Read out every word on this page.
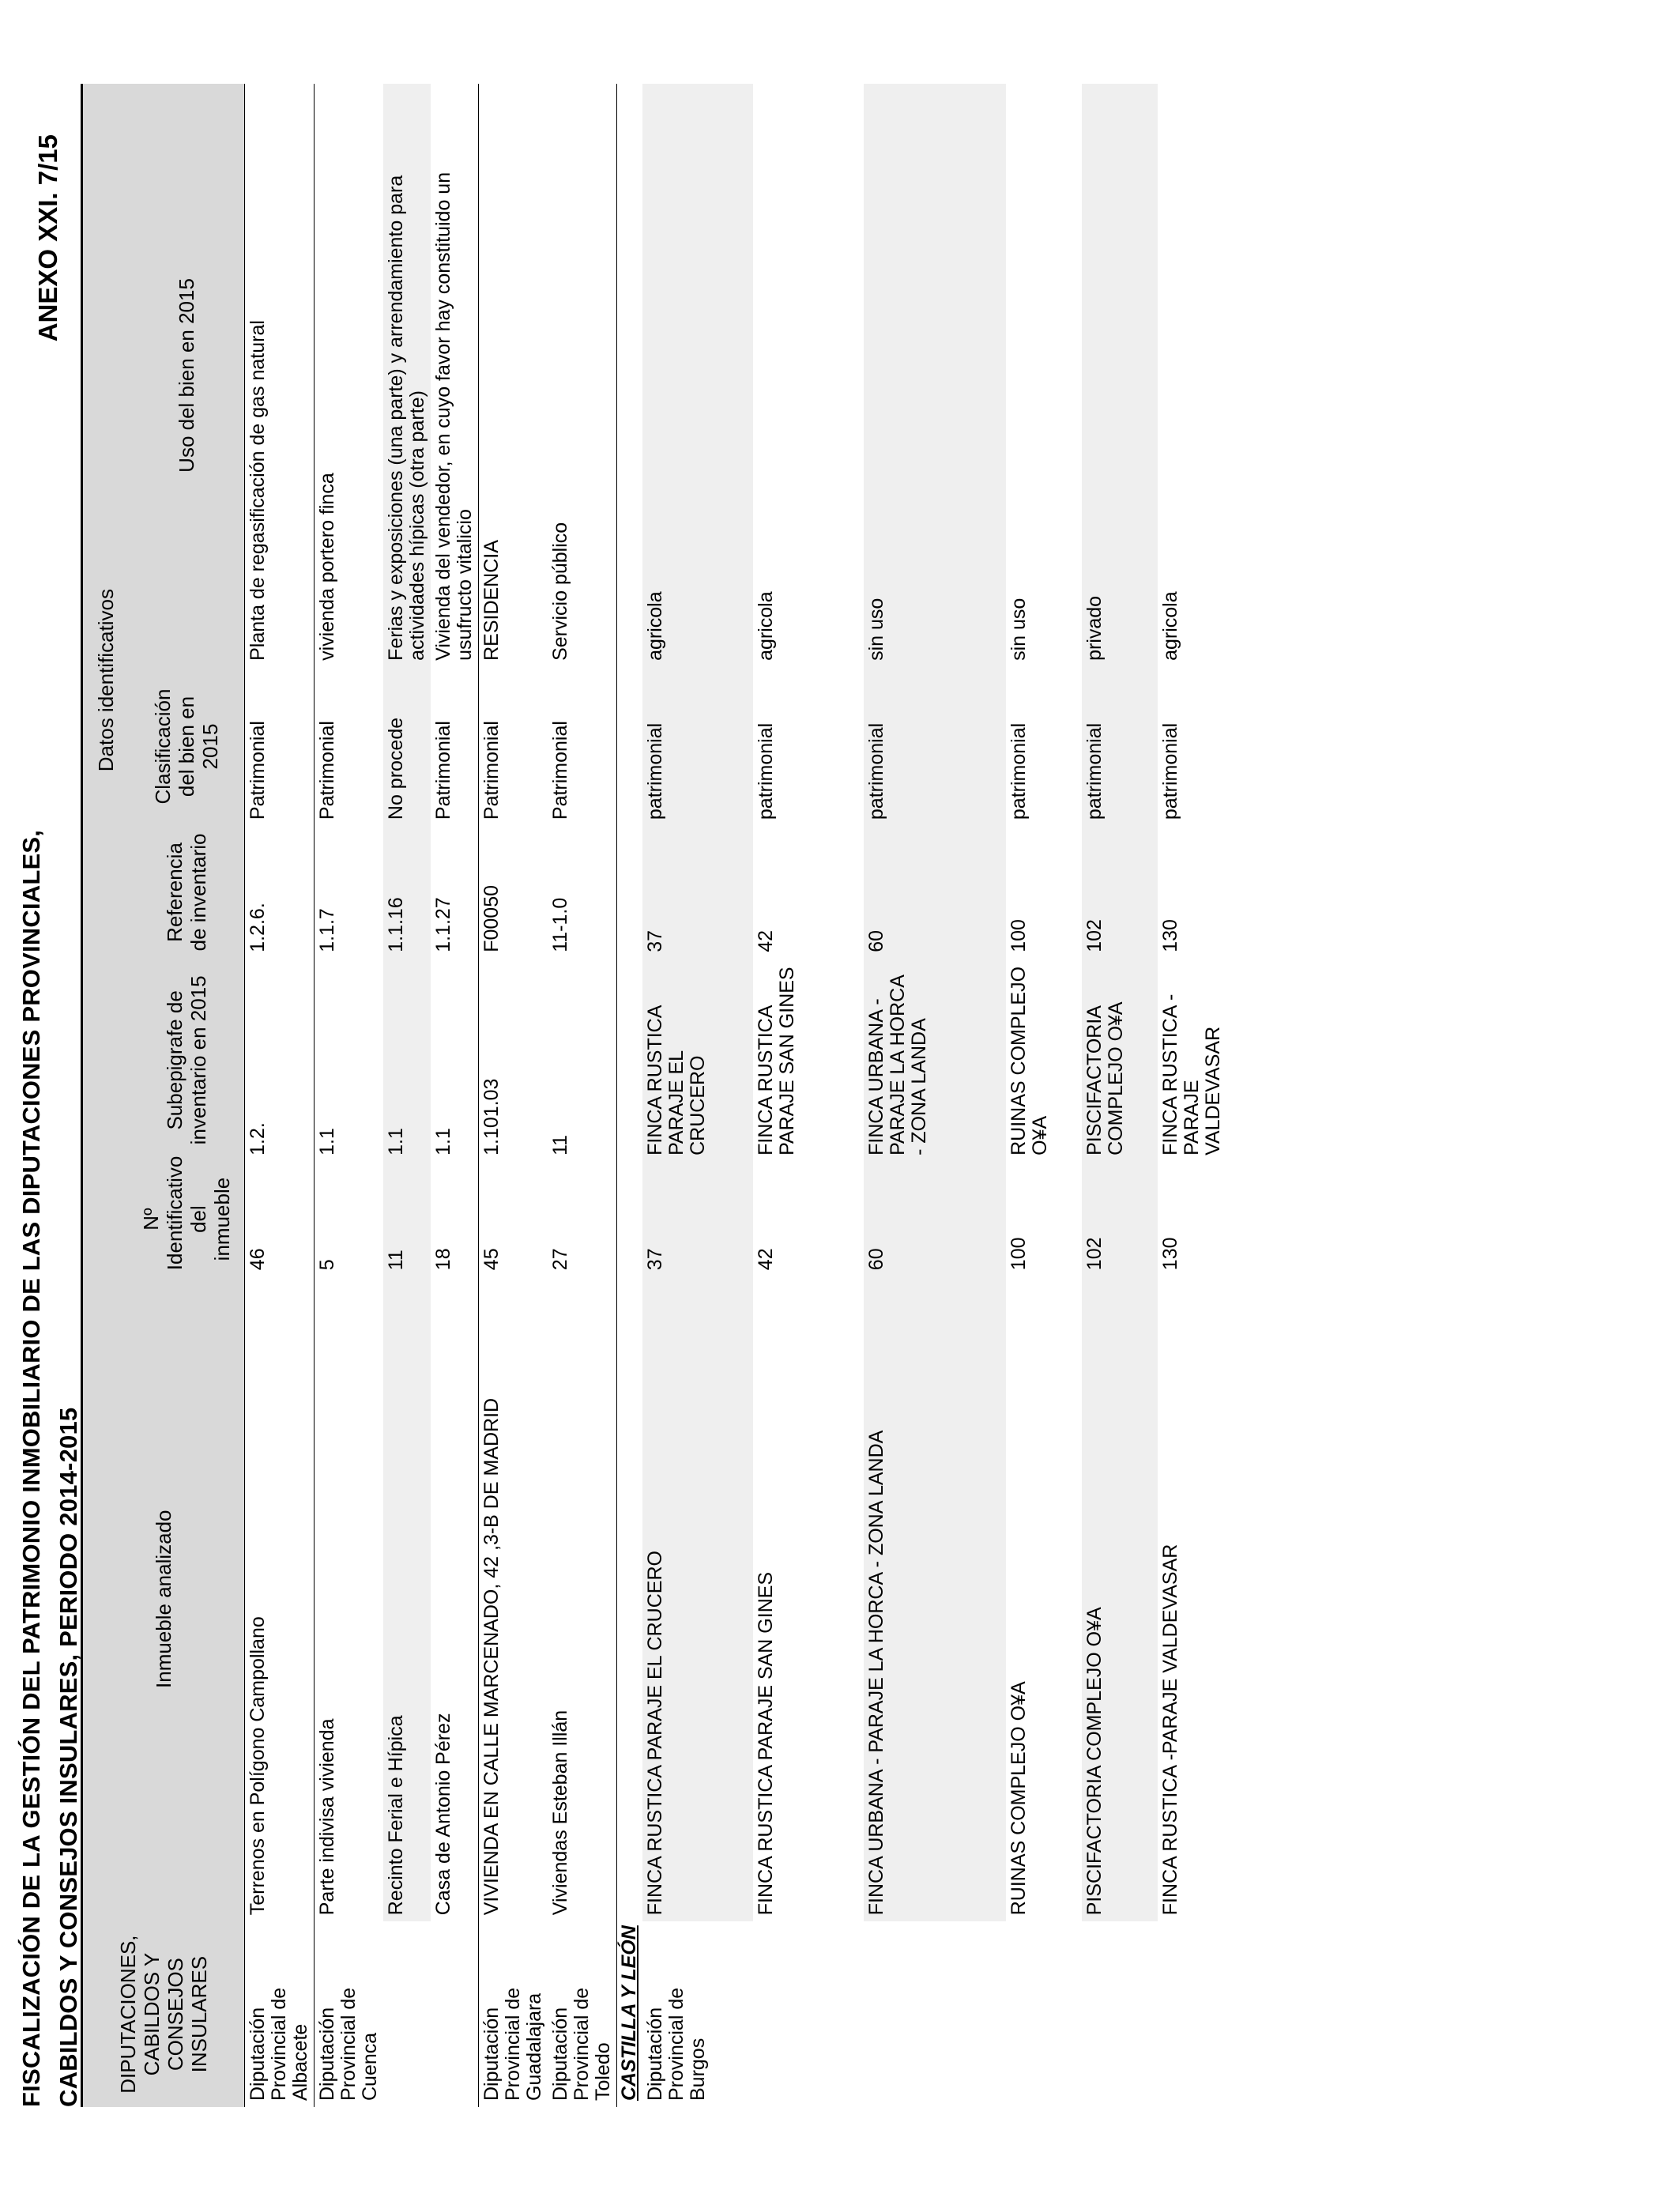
FISCALIZACIÓN DE LA GESTIÓN DEL PATRIMONIO INMOBILIARIO DE LAS DIPUTACIONES PROVINCIALES, CABILDOS Y CONSEJOS INSULARES, PERIODO 2014-2015
ANEXO XXI. 7/15
DIPUTACIONES, CABILDOS Y CONSEJOS INSULARES	Inmueble analizado	Datos identificativos				
		Nº Identificativo del inmueble	Subepigrafe de inventario en 2015	Referencia de inventario	Clasificación del bien en 2015	Uso del bien en 2015
Diputación Provincial de Albacete	Terrenos en Polígono Campollano	46	1.2.	1.2.6.	Patrimonial	Planta de regasificación de gas natural
Diputación Provincial de Cuenca	Parte indivisa vivienda	5	1.1	1.1.7	Patrimonial	vivienda portero finca
	Recinto Ferial e Hípica	11	1.1	1.1.16	No procede	Ferias y exposiciones (una parte) y arrendamiento para actividades hípicas (otra parte)
	Casa de Antonio Pérez	18	1.1	1.1.27	Patrimonial	Vivienda del vendedor, en cuyo favor hay constituido un usufructo vitalicio
Diputación Provincial de Guadalajara	VIVIENDA EN CALLE MARCENADO, 42 ,3-B DE MADRID	45	1.101.03	F00050	Patrimonial	RESIDENCIA
Diputación Provincial de Toledo	Viviendas Esteban Illán	27	11	11-1.0	Patrimonial	Servicio público
CASTILLA Y LEÓN						
Diputación Provincial de Burgos	FINCA RUSTICA PARAJE EL CRUCERO	37	FINCA RUSTICA PARAJE EL CRUCERO	37	patrimonial	agricola
	FINCA RUSTICA PARAJE SAN GINES	42	FINCA RUSTICA PARAJE SAN GINES	42	patrimonial	agricola
	FINCA URBANA - PARAJE LA HORCA - ZONA LANDA	60	FINCA URBANA - PARAJE LA HORCA - ZONA LANDA	60	patrimonial	sin uso
	RUINAS COMPLEJO O¥A	100	RUINAS COMPLEJO O¥A	100	patrimonial	sin uso
	PISCIFACTORIA COMPLEJO O¥A	102	PISCIFACTORIA COMPLEJO O¥A	102	patrimonial	privado
	FINCA RUSTICA -PARAJE VALDEVASAR	130	FINCA RUSTICA - PARAJE VALDEVASAR	130	patrimonial	agricola
